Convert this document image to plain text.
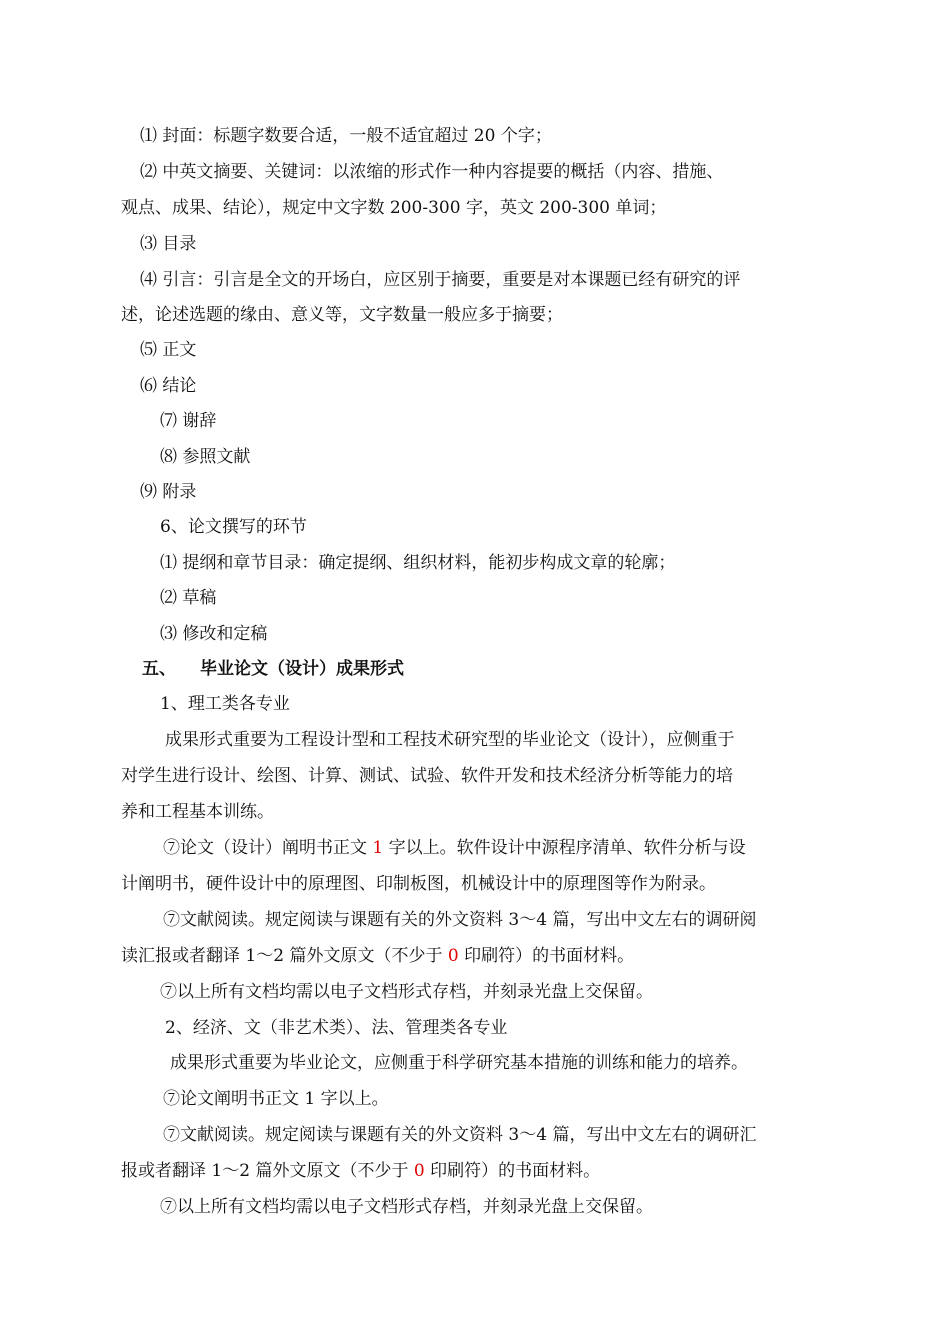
⑴ 封面：标题字数要合适，一般不适宜超过 20 个字；
⑵ 中英文摘要、关键词：以浓缩的形式作一种内容提要的概括（内容、措施、
观点、成果、结论），规定中文字数 200-300 字，英文 200-300 单词；
⑶ 目录
⑷ 引言：引言是全文的开场白，应区别于摘要，重要是对本课题已经有研究的评
述，论述选题的缘由、意义等，文字数量一般应多于摘要；
⑸ 正文
⑹ 结论
⑺ 谢辞
⑻ 参照文献
⑼ 附录
6、论文撰写的环节
⑴ 提纲和章节目录：确定提纲、组织材料，能初步构成文章的轮廓；
⑵ 草稿
⑶ 修改和定稿
五、 毕业论文（设计）成果形式
1、理工类各专业
成果形式重要为工程设计型和工程技术研究型的毕业论文（设计），应侧重于
对学生进行设计、绘图、计算、测试、试验、软件开发和技术经济分析等能力的培
养和工程基本训练。
⑦论文（设计）阐明书正文 1 字以上。软件设计中源程序清单、软件分析与设
计阐明书，硬件设计中的原理图、印制板图，机械设计中的原理图等作为附录。
⑦文献阅读。规定阅读与课题有关的外文资料 3～4 篇，写出中文左右的调研阅
读汇报或者翻译 1～2 篇外文原文（不少于 0 印刷符）的书面材料。
⑦以上所有文档均需以电子文档形式存档，并刻录光盘上交保留。
2、经济、文（非艺术类）、法、管理类各专业
成果形式重要为毕业论文，应侧重于科学研究基本措施的训练和能力的培养。
⑦论文阐明书正文 1 字以上。
⑦文献阅读。规定阅读与课题有关的外文资料 3～4 篇，写出中文左右的调研汇
报或者翻译 1～2 篇外文原文（不少于 0 印刷符）的书面材料。
⑦以上所有文档均需以电子文档形式存档，并刻录光盘上交保留。
